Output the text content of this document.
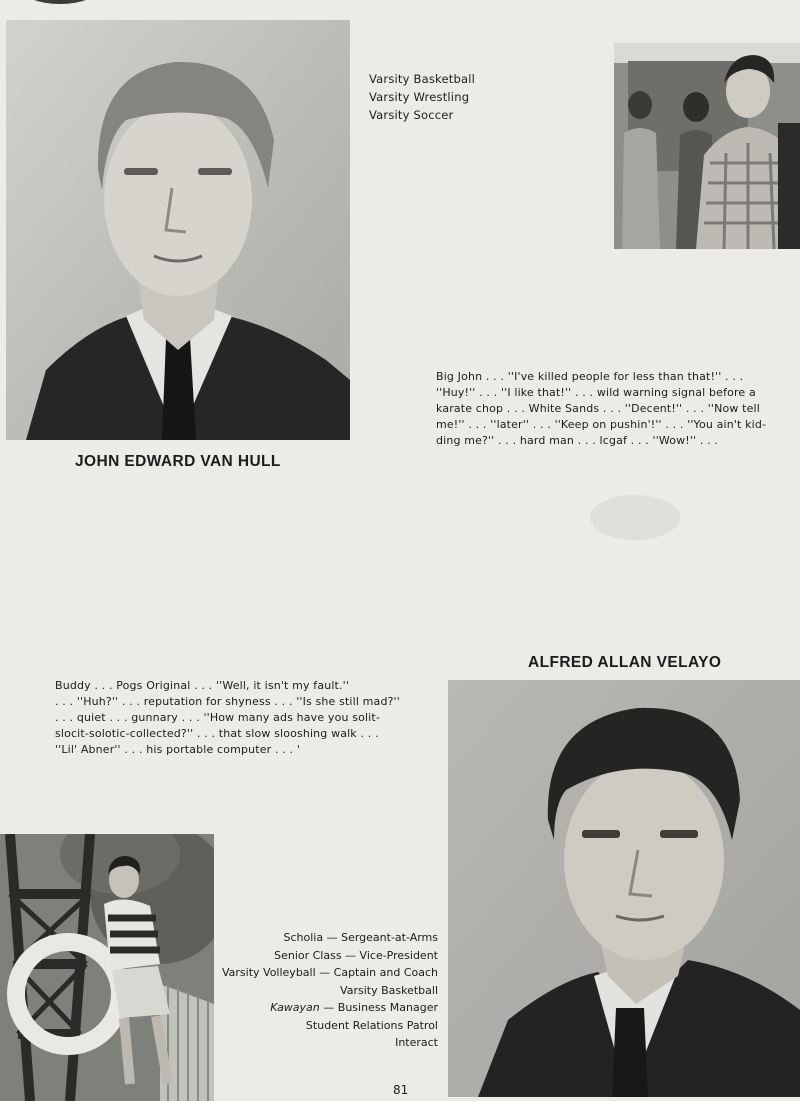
Varsity Basketball
Varsity Wrestling
Varsity Soccer
JOHN EDWARD VAN HULL
Big John . . . ''I've killed people for less than that!'' . . .
''Huy!'' . . . ''I like that!'' . . . wild warning signal before a
karate chop . . . White Sands . . . ''Decent!'' . . . ''Now tell
me!'' . . . ''later'' . . . ''Keep on pushin'!'' . . . ''You ain't kid-
ding me?'' . . . hard man . . . lcgaf . . . ''Wow!'' . . .
ALFRED ALLAN VELAYO
Buddy . . . Pogs Original . . . ''Well, it isn't my fault.''
. . . ''Huh?'' . . . reputation for shyness . . . ''Is she still mad?''
. . . quiet . . . gunnary . . . ''How many ads have you solit-
slocit-solotic-collected?'' . . . that slow slooshing walk . . .
''Lil' Abner'' . . . his portable computer . . . '
Scholia — Sergeant-at-Arms
Senior Class — Vice-President
Varsity Volleyball — Captain and Coach
Varsity Basketball
Kawayan — Business Manager
Student Relations Patrol
Interact
81
